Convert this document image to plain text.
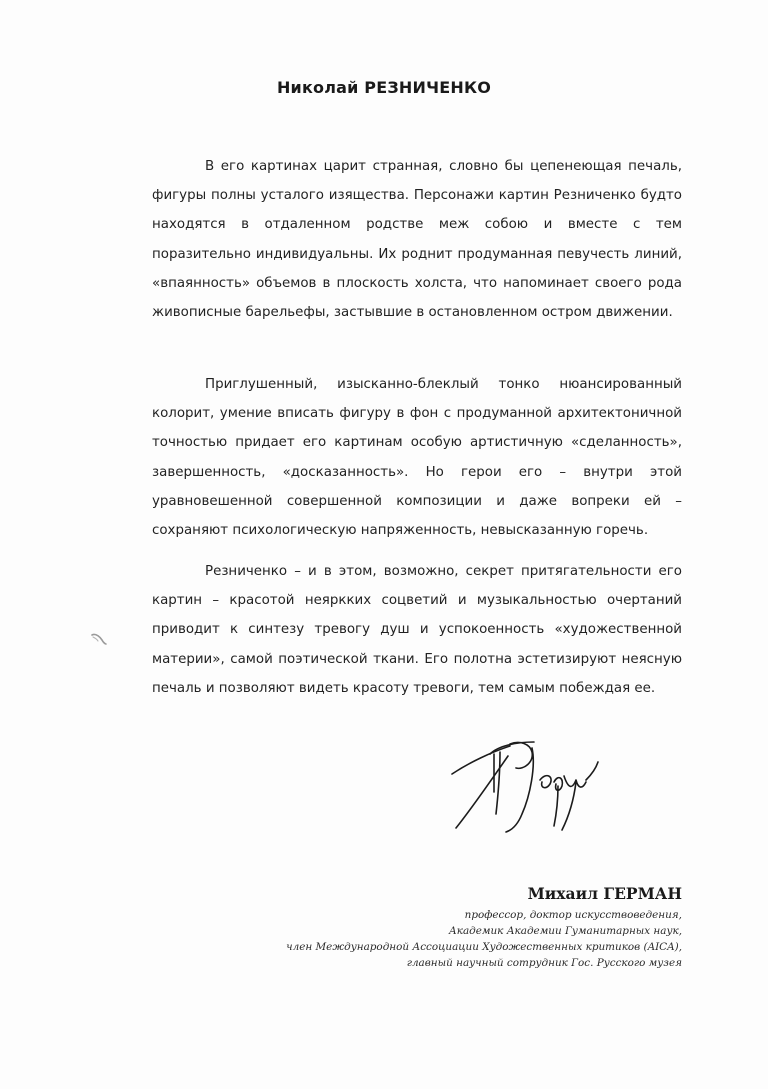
Николай РЕЗНИЧЕНКО

В его картинах царит странная, словно бы цепенеющая печаль, фигуры полны усталого изящества. Персонажи картин Резниченко будто находятся в отдаленном родстве меж собою и вместе с тем поразительно индивидуальны. Их роднит продуманная певучесть линий, «впаянность» объемов в плоскость холста, что напоминает своего рода живописные барельефы, застывшие в остановленном остром движении.

Приглушенный, изысканно-блеклый тонко нюансированный колорит, умение вписать фигуру в фон с продуманной архитектоничной точностью придает его картинам особую артистичную «сделанность», завершенность, «досказанность». Но герои его – внутри этой уравновешенной совершенной композиции и даже вопреки ей – сохраняют психологическую напряженность, невысказанную горечь.

Резниченко – и в этом, возможно, секрет притягательности его картин – красотой неяркких соцветий и музыкальностью очертаний приводит к синтезу тревогу душ и успокоенность «художественной материи», самой поэтической ткани. Его полотна эстетизируют неясную печаль и позволяют видеть красоту тревоги, тем самым побеждая ее.

Михаил ГЕРМАН
профессор, доктор искусствоведения,
Академик Академии Гуманитарных наук,
член Международной Ассоциации Художественных критиков (AICA),
главный научный сотрудник Гос. Русского музея
